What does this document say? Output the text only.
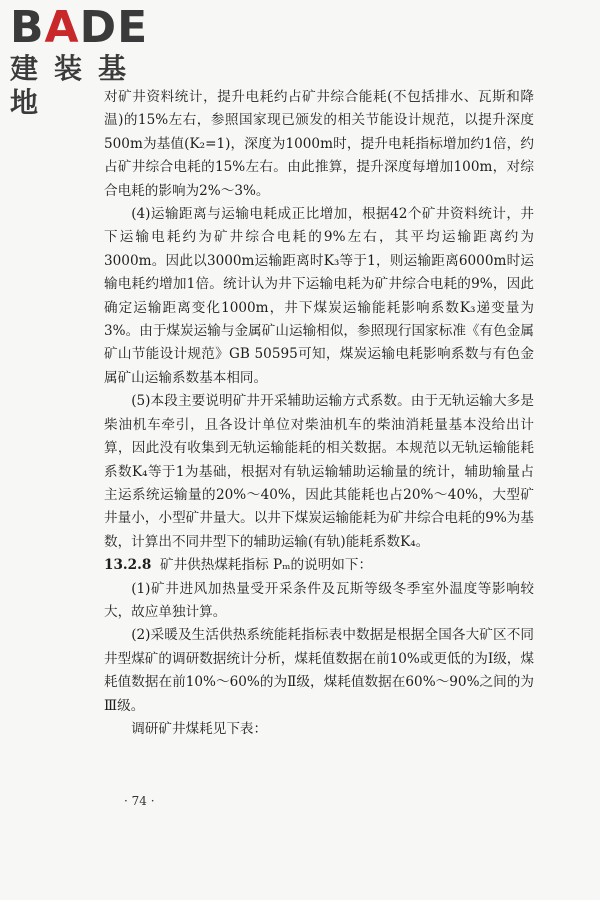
BADE
建装基地	对矿井资料统计，提升电耗约占矿井综合能耗(不包括排水、瓦斯和降温)的15%左右，参照国家现已颁发的相关节能设计规范，以提升深度500m为基值(K₂=1)，深度为1000m时，提升电耗指标增加约1倍，约占矿井综合电耗的15%左右。由此推算，提升深度每增加100m，对综合电耗的影响为2%～3%。

(4)运输距离与运输电耗成正比增加，根据42个矿井资料统计，井下运输电耗约为矿井综合电耗的9%左右，其平均运输距离约为3000m。因此以3000m运输距离时K₃等于1，则运输距离6000m时运输电耗约增加1倍。统计认为井下运输电耗为矿井综合电耗的9%，因此确定运输距离变化1000m，井下煤炭运输能耗影响系数K₃递变量为3%。由于煤炭运输与金属矿山运输相似，参照现行国家标准《有色金属矿山节能设计规范》GB 50595可知，煤炭运输电耗影响系数与有色金属矿山运输系数基本相同。

(5)本段主要说明矿井开采辅助运输方式系数。由于无轨运输大多是柴油机车牵引，且各设计单位对柴油机车的柴油消耗量基本没给出计算，因此没有收集到无轨运输能耗的相关数据。本规范以无轨运输能耗系数K₄等于1为基础，根据对有轨运输辅助运输量的统计，辅助输量占主运系统运输量的20%～40%，因此其能耗也占20%～40%，大型矿井量小，小型矿井量大。以井下煤炭运输能耗为矿井综合电耗的9%为基数，计算出不同井型下的辅助运输(有轨)能耗系数K₄。

13.2.8 矿井供热煤耗指标 Pₘ的说明如下：

(1)矿井进风加热量受开采条件及瓦斯等级冬季室外温度等影响较大，故应单独计算。

(2)采暖及生活供热系统能耗指标表中数据是根据全国各大矿区不同井型煤矿的调研数据统计分析，煤耗值数据在前10%或更低的为Ⅰ级，煤耗值数据在前10%～60%的为Ⅱ级，煤耗值数据在60%～90%之间的为Ⅲ级。

调研矿井煤耗见下表：

· 74 ·
